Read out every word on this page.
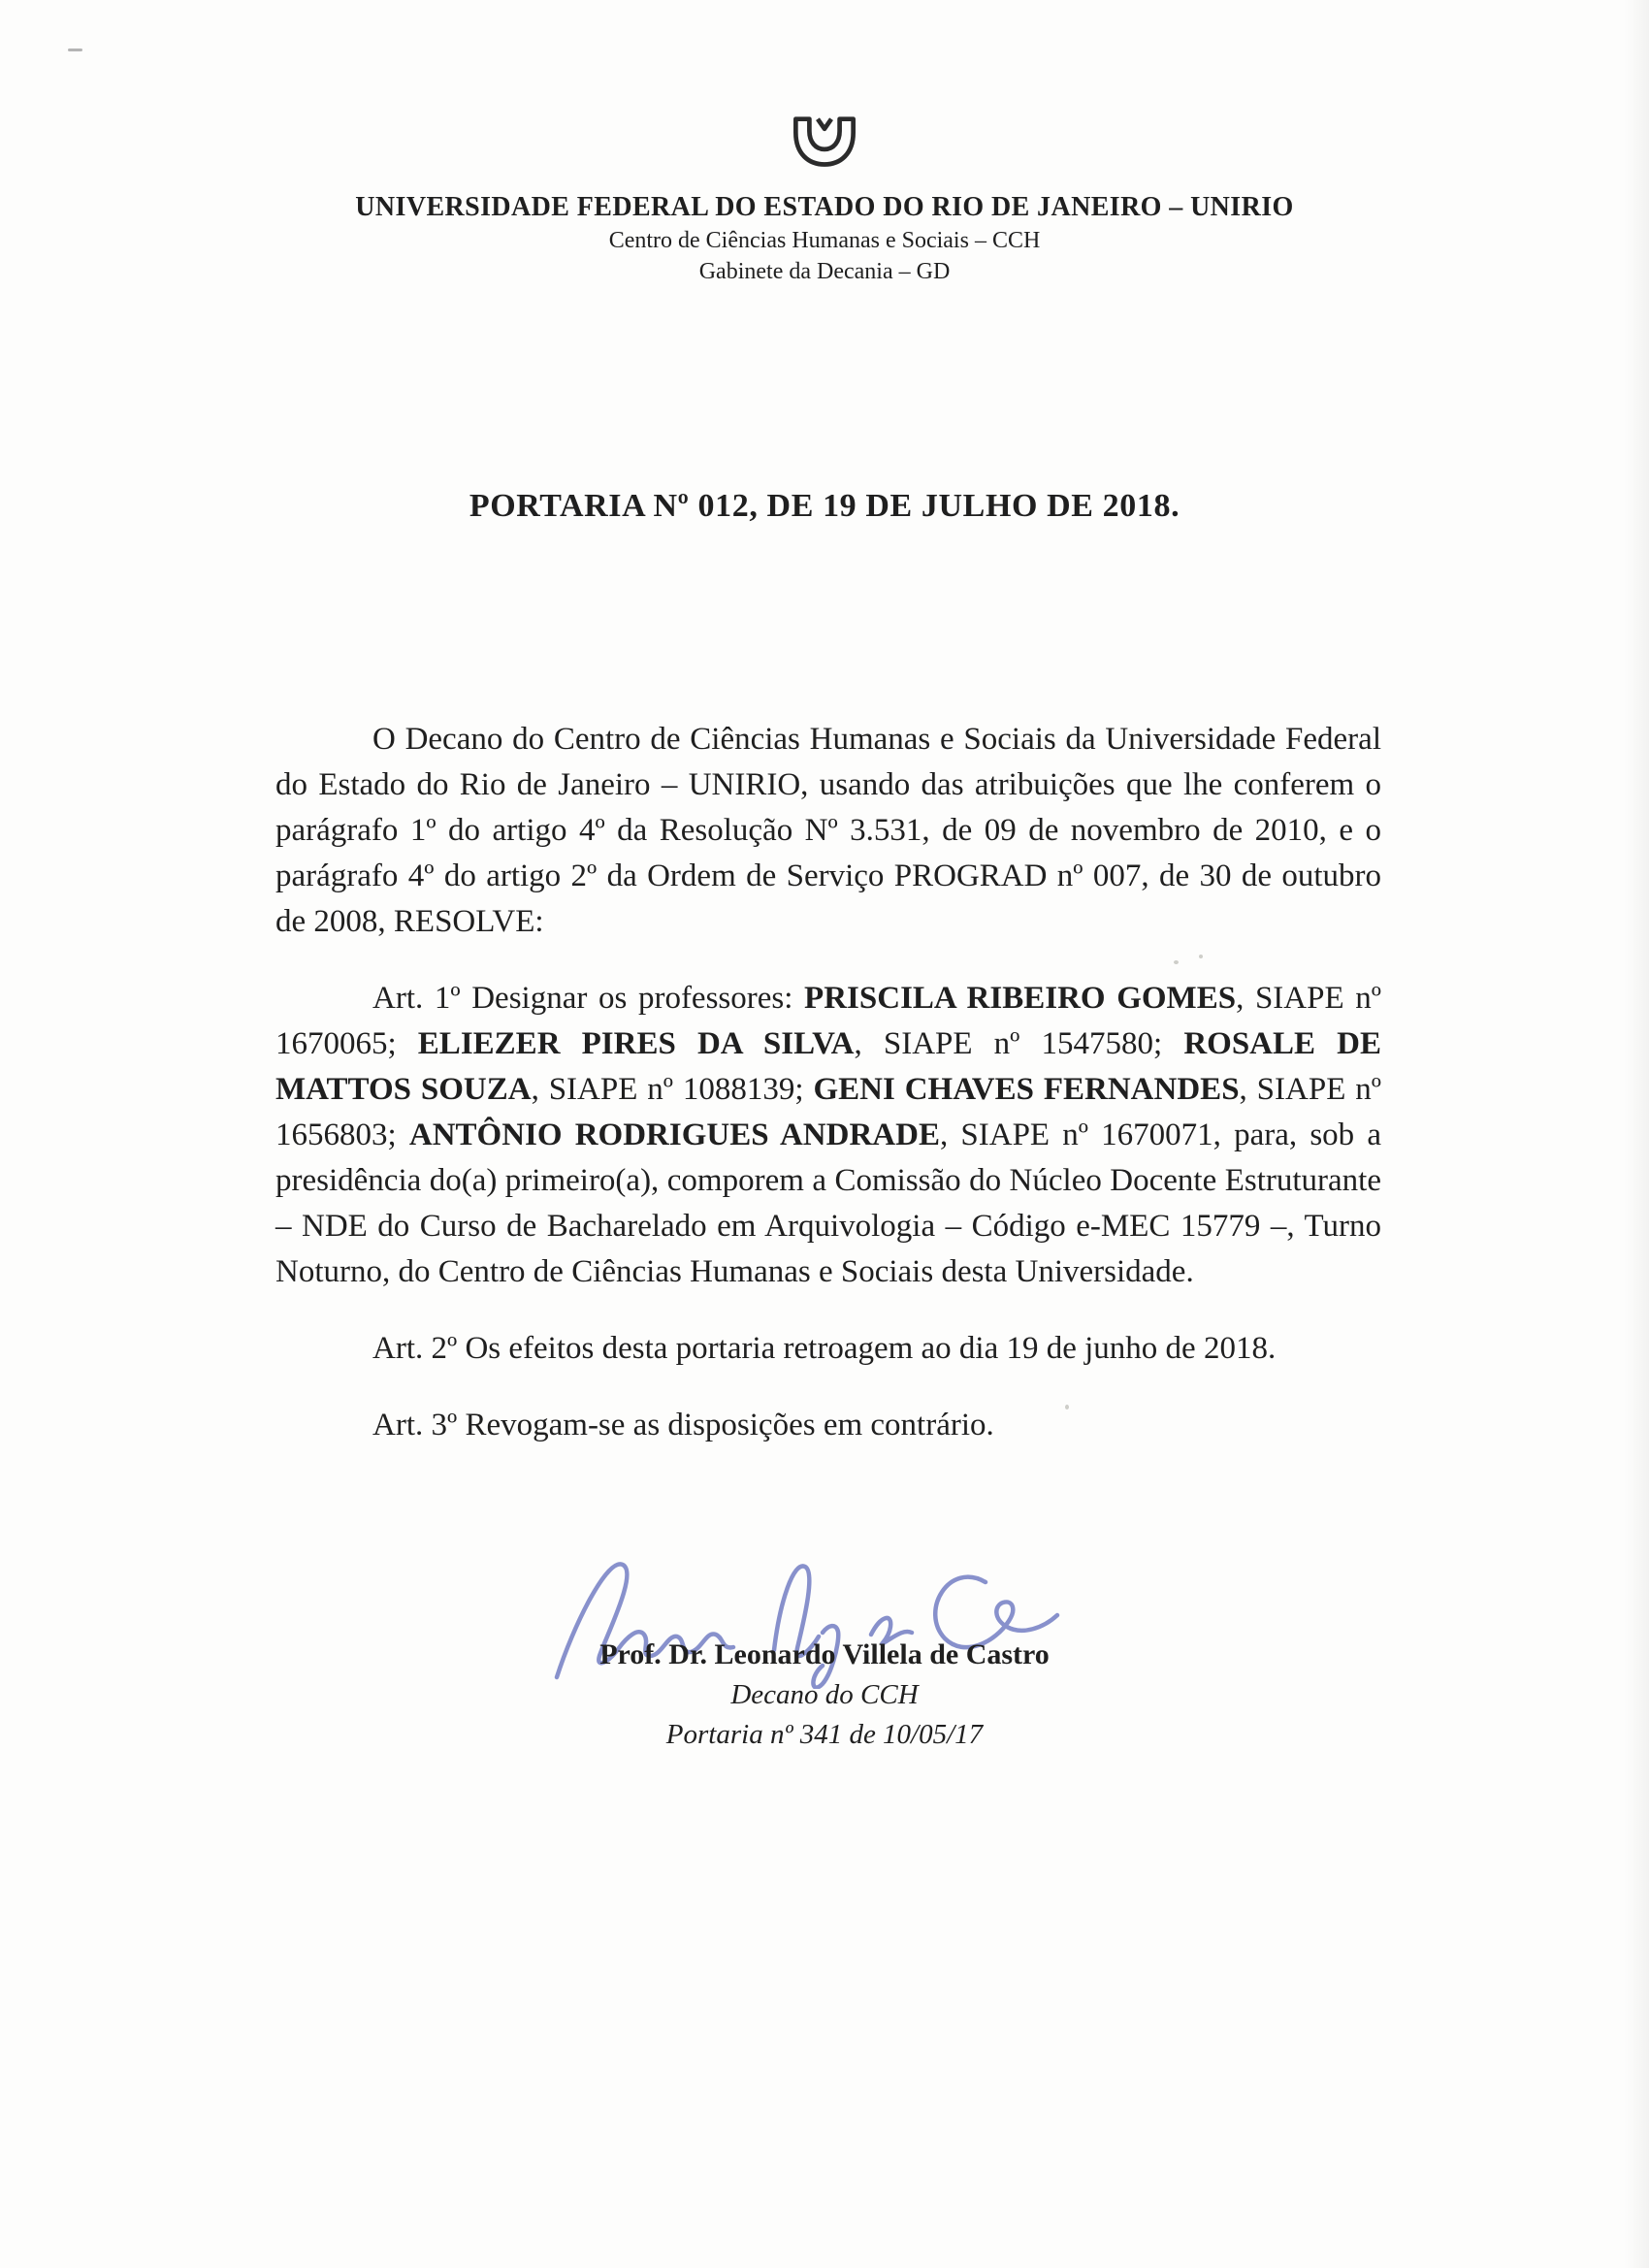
UNIVERSIDADE FEDERAL DO ESTADO DO RIO DE JANEIRO – UNIRIO
Centro de Ciências Humanas e Sociais – CCH
Gabinete da Decania – GD
PORTARIA Nº 012, DE 19 DE JULHO DE 2018.

O Decano do Centro de Ciências Humanas e Sociais da Universidade Federal do Estado do Rio de Janeiro – UNIRIO, usando das atribuições que lhe conferem o parágrafo 1º do artigo 4º da Resolução Nº 3.531, de 09 de novembro de 2010, e o parágrafo 4º do artigo 2º da Ordem de Serviço PROGRAD nº 007, de 30 de outubro de 2008, RESOLVE:

Art. 1º Designar os professores: PRISCILA RIBEIRO GOMES, SIAPE nº 1670065; ELIEZER PIRES DA SILVA, SIAPE nº 1547580; ROSALE DE MATTOS SOUZA, SIAPE nº 1088139; GENI CHAVES FERNANDES, SIAPE nº 1656803; ANTÔNIO RODRIGUES ANDRADE, SIAPE nº 1670071, para, sob a presidência do(a) primeiro(a), comporem a Comissão do Núcleo Docente Estruturante – NDE do Curso de Bacharelado em Arquivologia – Código e-MEC 15779 –, Turno Noturno, do Centro de Ciências Humanas e Sociais desta Universidade.

Art. 2º Os efeitos desta portaria retroagem ao dia 19 de junho de 2018.

Art. 3º Revogam-se as disposições em contrário.

Prof. Dr. Leonardo Villela de Castro
Decano do CCH
Portaria nº 341 de 10/05/17
